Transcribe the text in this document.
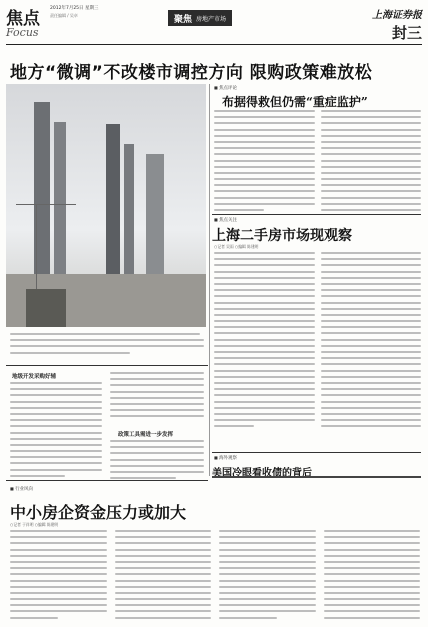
焦点
Focus
2012年7月25日 星期三
责任编辑 / 吴卓	聚焦 房地产市场	上海证券报
封三
地方“微调”不改楼市调控方向 限购政策难放松
地级开发采购好辅
政策工具需进一步发挥
■ 行业风向
中小房企资金压力或加大
○记者 于祥明 ○编辑 陈建明
■ 焦点评论
布据得救但仍需“重症监护”
■ 焦点关注
上海二手房市场现观察
○记者 吴雨 ○编辑 陈建明
■ 海外观察
美国冷眼看收债的背后
